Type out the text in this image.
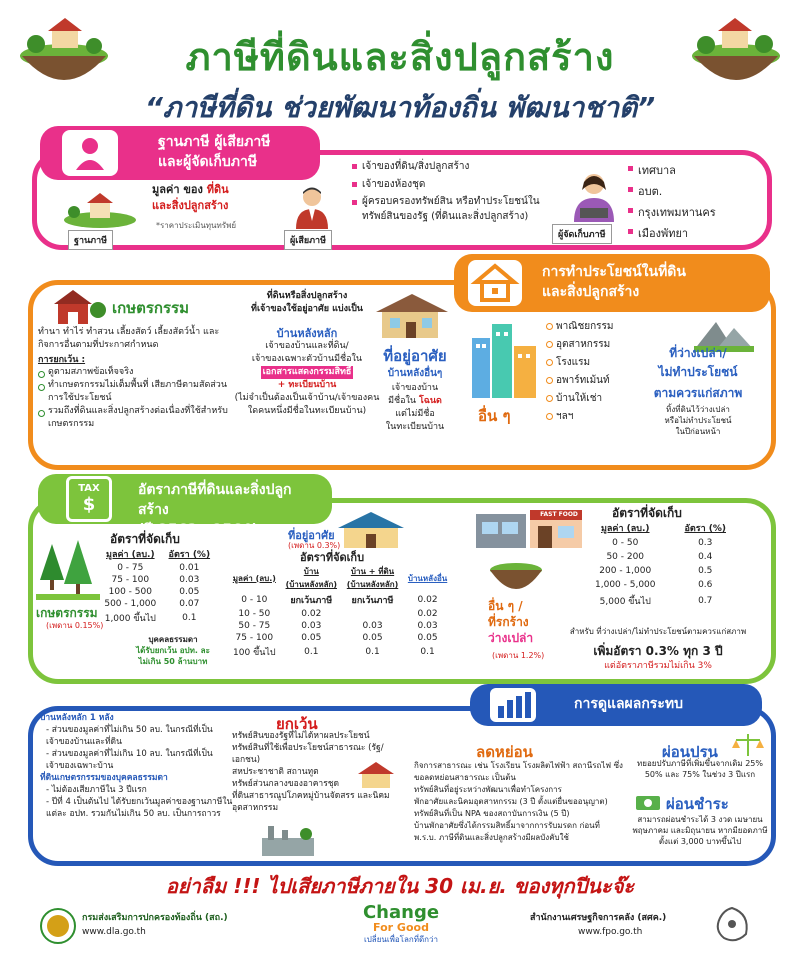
ภาษีที่ดินและสิ่งปลูกสร้าง
“ภาษีที่ดิน ช่วยพัฒนาท้องถิ่น พัฒนาชาติ”
ฐานภาษี ผู้เสียภาษี
และผู้จัดเก็บภาษี
มูลค่า ของ ที่ดิน
และสิ่งปลูกสร้าง
*ราคาประเมินทุนทรัพย์
ฐานภาษี	ผู้เสียภาษี
เจ้าของที่ดิน/สิ่งปลูกสร้าง
เจ้าของห้องชุด
ผู้ครอบครองทรัพย์สิน หรือทำประโยชน์ในทรัพย์สินของรัฐ (ที่ดินและสิ่งปลูกสร้าง)
ผู้จัดเก็บภาษี
เทศบาล
อบต.
กรุงเทพมหานคร
เมืองพัทยา
การทำประโยชน์ในที่ดิน
และสิ่งปลูกสร้าง
เกษตรกรรม
ทำนา ทำไร่ ทำสวน เลี้ยงสัตว์ เลี้ยงสัตว์น้ำ และกิจการอื่นตามที่ประกาศกำหนด
การยกเว้น :
ดูตามสภาพข้อเท็จจริง
ทำเกษตรกรรมไม่เต็มพื้นที่ เสียภาษีตามสัดส่วนการใช้ประโยชน์
รวมถึงที่ดินและสิ่งปลูกสร้างต่อเนื่องที่ใช้สำหรับเกษตรกรรม
ที่ดินหรือสิ่งปลูกสร้าง
ที่เจ้าของใช้อยู่อาศัย แบ่งเป็น
บ้านหลังหลัก
เจ้าของบ้านและที่ดิน/
เจ้าของเฉพาะตัวบ้านมีชื่อใน
เอกสารแสดงกรรมสิทธิ์
+ ทะเบียนบ้าน
(ไม่จำเป็นต้องเป็นเจ้าบ้าน/เจ้าของคนใดคนหนึ่งมีชื่อในทะเบียนบ้าน)
ที่อยู่อาศัย
บ้านหลังอื่นๆ
เจ้าของบ้าน
มีชื่อใน โฉนด
แต่ไม่มีชื่อ
ในทะเบียนบ้าน
อื่น ๆ
พาณิชยกรรม
อุตสาหกรรม
โรงแรม
อพาร์ทเม้นท์
บ้านให้เช่า
ฯลฯ
ที่ว่างเปล่า/
ไม่ทำประโยชน์
ตามควรแก่สภาพ
ทิ้งที่ดินไว้ว่างเปล่า
หรือไม่ทำประโยชน์
ในปีก่อนหน้า
อัตราภาษีที่ดินและสิ่งปลูกสร้าง
(ปี 2563 - 2564)
TAX
$
อัตราที่จัดเก็บ
มูลค่า (ลบ.)	อัตรา (%)
0 - 75	0.01
75 - 100	0.03
100 - 500	0.05
500 - 1,000	0.07
1,000 ขึ้นไป	0.1
เกษตรกรรม
(เพดาน 0.15%)
บุคคลธรรมดา
ได้รับยกเว้น อปท. ละ
ไม่เกิน 50 ล้านบาท
ที่อยู่อาศัย
(เพดาน 0.3%)
อัตราที่จัดเก็บ
มูลค่า (ลบ.)	บ้าน
(บ้านหลังหลัก)	บ้าน + ที่ดิน
(บ้านหลังหลัก)	บ้านหลังอื่น
0 - 10	ยกเว้นภาษี	ยกเว้นภาษี	0.02
10 - 50	0.02		0.02
50 - 75	0.03	0.03	0.03
75 - 100	0.05	0.05	0.05
100 ขึ้นไป	0.1	0.1	0.1
FAST FOOD
อื่น ๆ /
ที่รกร้าง
ว่างเปล่า
(เพดาน 1.2%)
อัตราที่จัดเก็บ
มูลค่า (ลบ.)	อัตรา (%)
0 - 50	0.3
50 - 200	0.4
200 - 1,000	0.5
1,000 - 5,000	0.6
5,000 ขึ้นไป	0.7
สำหรับ ที่ว่างเปล่า/ไม่ทำประโยชน์ตามควรแก่สภาพ
เพิ่มอัตรา 0.3% ทุก 3 ปี
แต่อัตราภาษีรวมไม่เกิน 3%
การดูแลผลกระทบ
บ้านหลังหลัก 1 หลัง
- ส่วนของมูลค่าที่ไม่เกิน 50 ลบ. ในกรณีที่เป็นเจ้าของบ้านและที่ดิน
- ส่วนของมูลค่าที่ไม่เกิน 10 ลบ. ในกรณีที่เป็นเจ้าของเฉพาะบ้าน
ที่ดินเกษตรกรรมของบุคคลธรรมดา
- ไม่ต้องเสียภาษีใน 3 ปีแรก
- ปีที่ 4 เป็นต้นไป ได้รับยกเว้นมูลค่าของฐานภาษีในแต่ละ อปท. รวมกันไม่เกิน 50 ลบ. เป็นการถาวร
ยกเว้น
ทรัพย์สินของรัฐที่ไม่ได้หาผลประโยชน์
ทรัพย์สินที่ใช้เพื่อประโยชน์สาธารณะ (รัฐ/เอกชน)
สหประชาชาติ สถานทูต
ทรัพย์ส่วนกลางของอาคารชุด
ที่ดินสาธารณูปโภคหมู่บ้านจัดสรร และนิคมอุตสาหกรรม
ลดหย่อน
กิจการสาธารณะ เช่น โรงเรียน โรงผลิตไฟฟ้า สถานีรถไฟ ซึ่งขอลดหย่อนสาธารณะ เป็นต้น
ทรัพย์สินที่อยู่ระหว่างพัฒนาเพื่อทำโครงการ
พักอาศัยและนิคมอุตสาหกรรม (3 ปี ตั้งแต่ยื่นขออนุญาต)
ทรัพย์สินที่เป็น NPA ของสถาบันการเงิน (5 ปี)
บ้านพักอาศัยซึ่งได้กรรมสิทธิ์มาจากการรับมรดก ก่อนที่ พ.ร.บ. ภาษีที่ดินและสิ่งปลูกสร้างมีผลบังคับใช้
ผ่อนปรน
ทยอยปรับภาษีที่เพิ่มขึ้นจากเดิม 25% 50% และ 75% ในช่วง 3 ปีแรก
ผ่อนชำระ
สามารถผ่อนชำระได้ 3 งวด เมษายน พฤษภาคม และมิถุนายน หากมียอดภาษีตั้งแต่ 3,000 บาทขึ้นไป
อย่าลืม !!! ไปเสียภาษีภายใน 30 เม.ย. ของทุกปีนะจ๊ะ
กรมส่งเสริมการปกครองท้องถิ่น (สถ.)
www.dla.go.th
Change
For Good
เปลี่ยนเพื่อโลกที่ดีกว่า
สำนักงานเศรษฐกิจการคลัง (สศค.)
www.fpo.go.th
